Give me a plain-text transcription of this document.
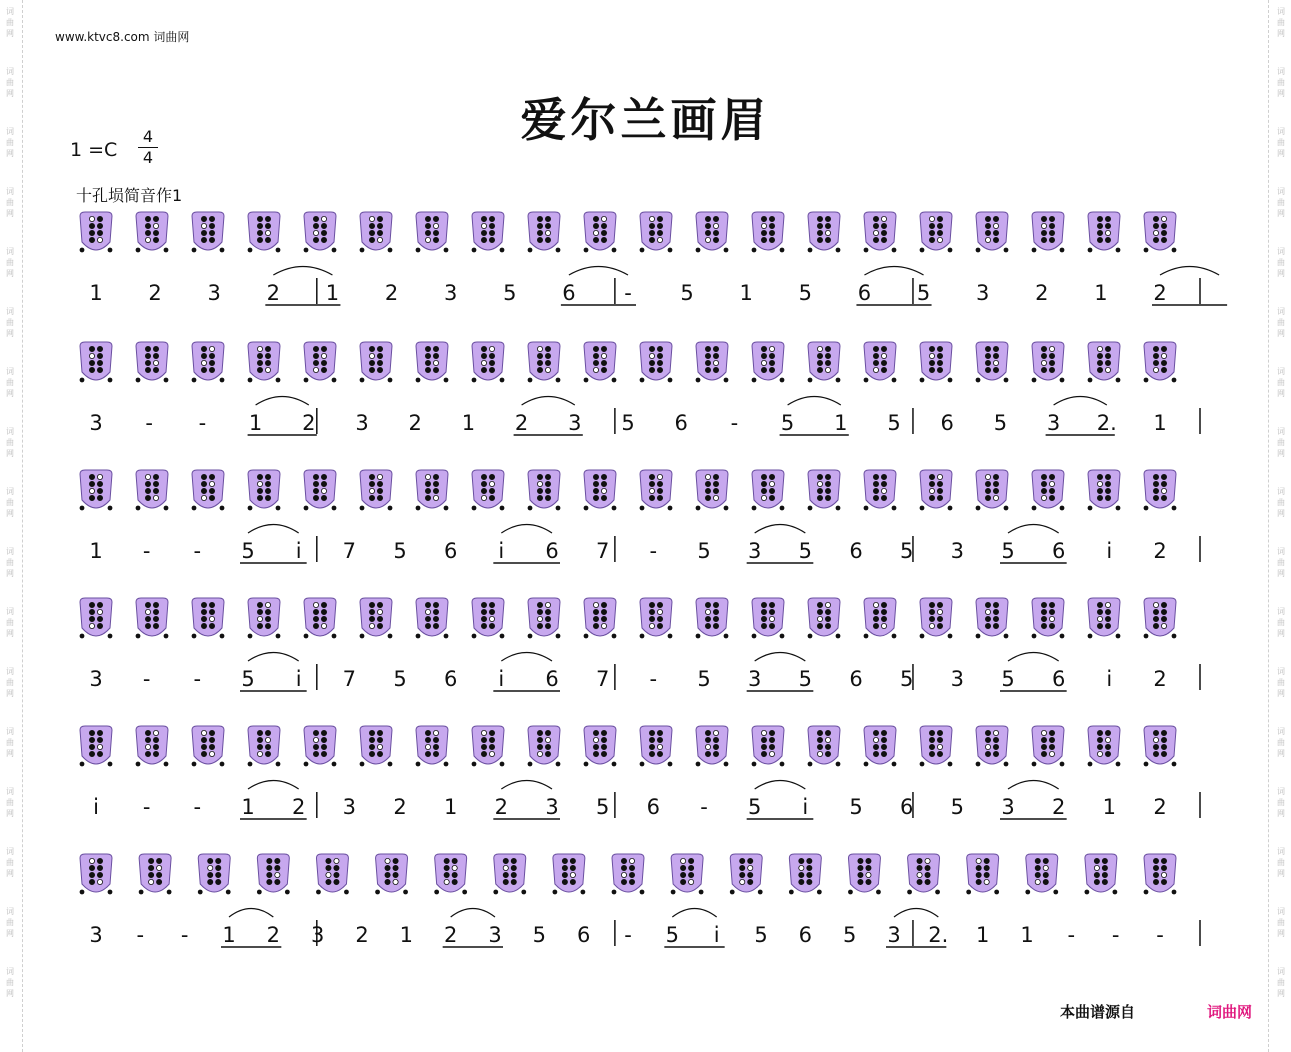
www.ktvc8.com 词曲网
爱尔兰画眉
$1 =C \frac{4}{4}$
十孔埙简音作1
1 2 3 2 1 2 3 5 6 - 5 1 5 6 5 3 2 1 2
3 - - 1 2 3 2 1 2 3 5 6 - 5 1 5 6 5 3 2. 1
1 - - 5 i 7 5 6 i 6 7 - 5 3 5 6 5 3 5 6 i 2
3 - - 5 i 7 5 6 i 6 7 - 5 3 5 6 5 3 5 6 i 2
i - - 1 2 3 2 1 2 3 5 6 - 5 i 5 6 5 3 2 1 2
3 - - 1 2 3 2 1 2 3 5 6 - 5 i 5 6 5 3 2. 1 1 - - -
本曲谱源自	词曲网
词曲网
词曲网
词曲网
词曲网
词曲网
词曲网
词曲网
词曲网
词曲网
词曲网
词曲网
词曲网
词曲网
词曲网
词曲网
词曲网
词曲网
词曲网
词曲网
词曲网
词曲网
词曲网
词曲网
词曲网
词曲网
词曲网
词曲网
词曲网
词曲网
词曲网
词曲网
词曲网
词曲网
词曲网
